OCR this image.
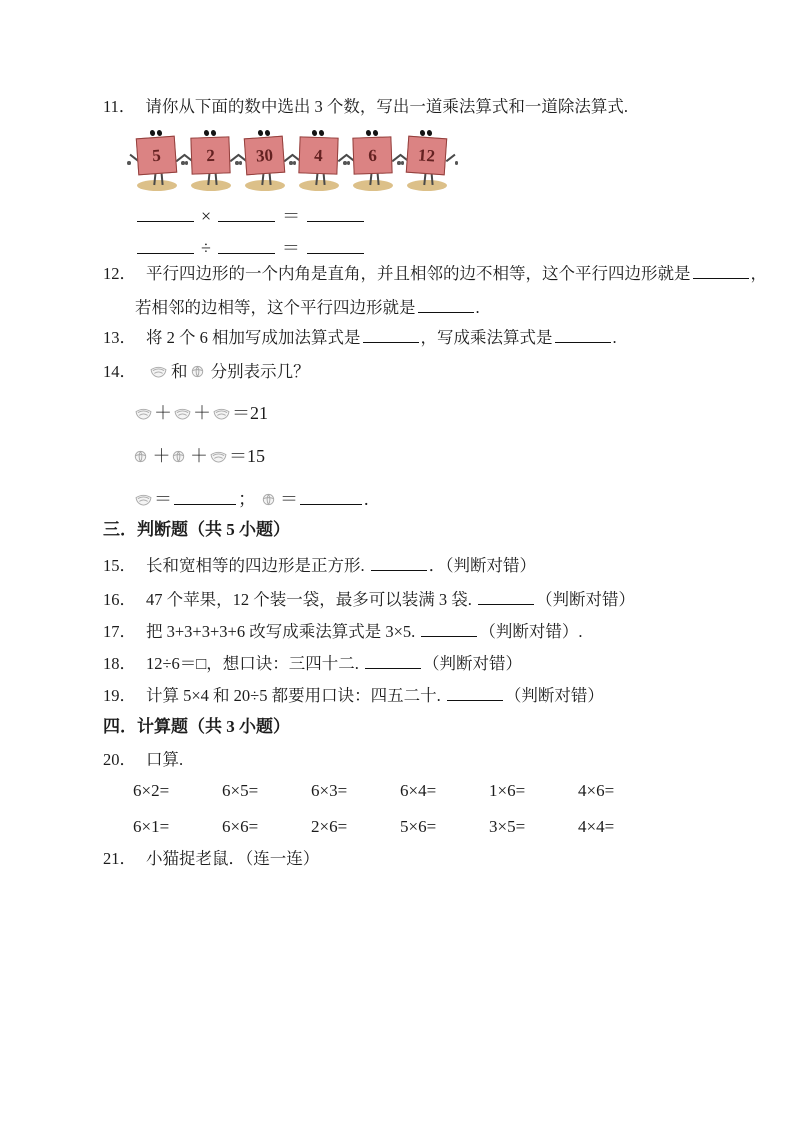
11． 请你从下面的数中选出 3 个数，写出一道乘法算式和一道除法算式.
5	2	30	4	6	12
×	＝
÷	＝
12． 平行四边形的一个内角是直角，并且相邻的边不相等，这个平行四边形就是	，
若相邻的边相等，这个平行四边形就是	.
13． 将 2 个 6 相加写成加法算式是	，写成乘法算式是	.
14． 和 分别表示几？
＋ ＋ ＝21
＋ ＋ ＝15
＝	； ＝	.
三．判断题（共 5 小题）
15． 长和宽相等的四边形是正方形.	．（判断对错）
16． 47 个苹果，12 个装一袋，最多可以装满 3 袋.	（判断对错）
17． 把 3+3+3+3+6 改写成乘法算式是 3×5.	（判断对错）.
18． 12÷6＝□，想口诀：三四十二.	（判断对错）
19． 计算 5×4 和 20÷5 都要用口诀：四五二十.	（判断对错）
四．计算题（共 3 小题）
20． 口算.
6×2=	6×5=	6×3=	6×4=	1×6=	4×6=
6×1=	6×6=	2×6=	5×6=	3×5=	4×4=
21． 小猫捉老鼠．（连一连）
